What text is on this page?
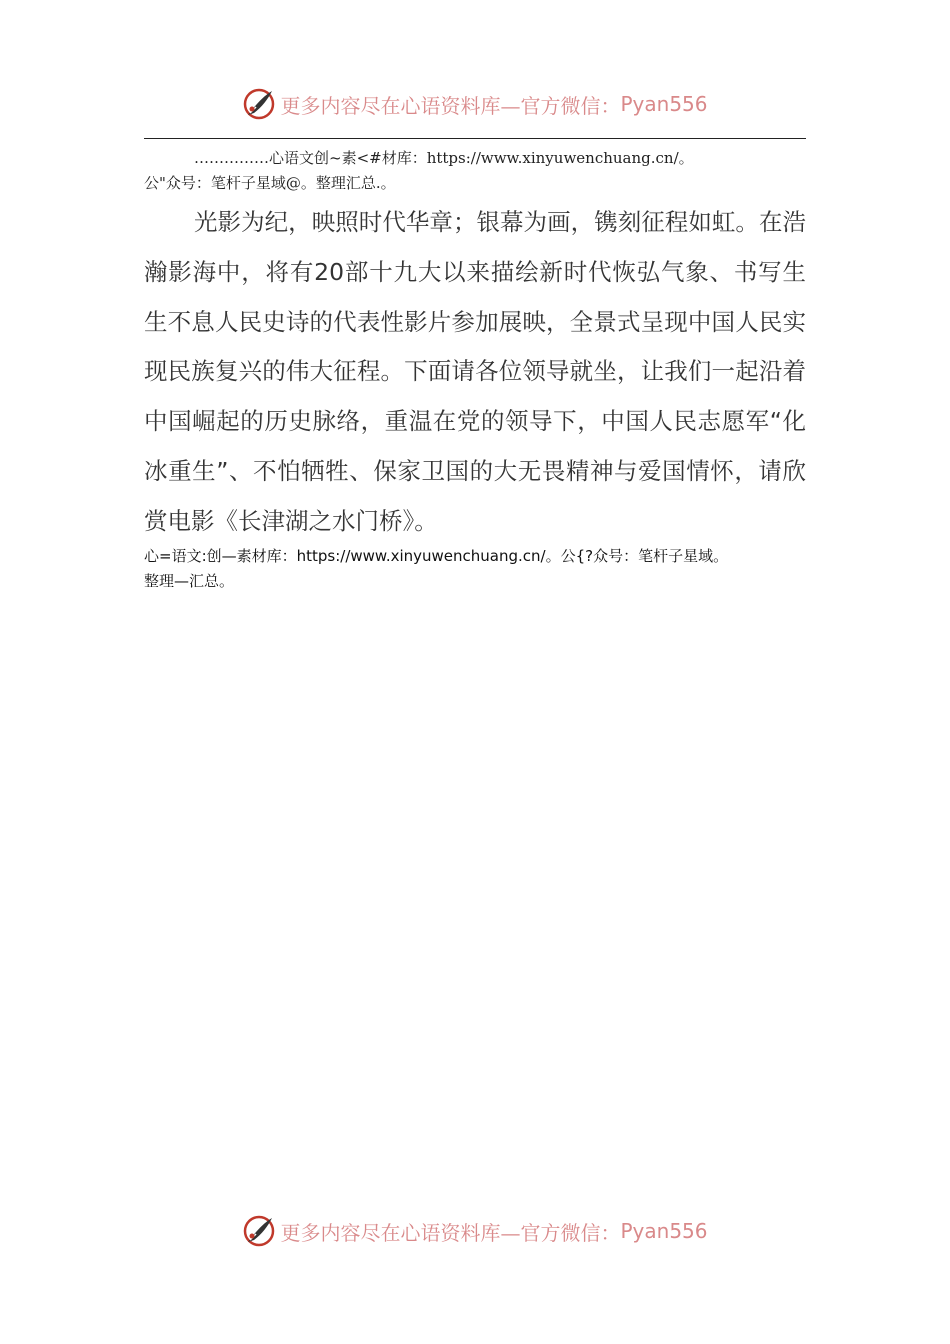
更多内容尽在心语资料库—官方微信： Pyan556
……………心语文创~素<#材库：https://www.xinyuwenchuang.cn/。
公"众号：笔杆子星域@。整理汇总.。

光影为纪，映照时代华章；银幕为画，镌刻征程如虹。在浩瀚影海中，将有20部十九大以来描绘新时代恢弘气象、书写生生不息人民史诗的代表性影片参加展映，全景式呈现中国人民实现民族复兴的伟大征程。下面请各位领导就坐，让我们一起沿着中国崛起的历史脉络，重温在党的领导下，中国人民志愿军“化冰重生”、不怕牺牲、保家卫国的大无畏精神与爱国情怀，请欣赏电影《长津湖之水门桥》。

心=语文:创—素材库：https://www.xinyuwenchuang.cn/。公{?众号：笔杆子星域。
整理—汇总。
更多内容尽在心语资料库—官方微信： Pyan556
